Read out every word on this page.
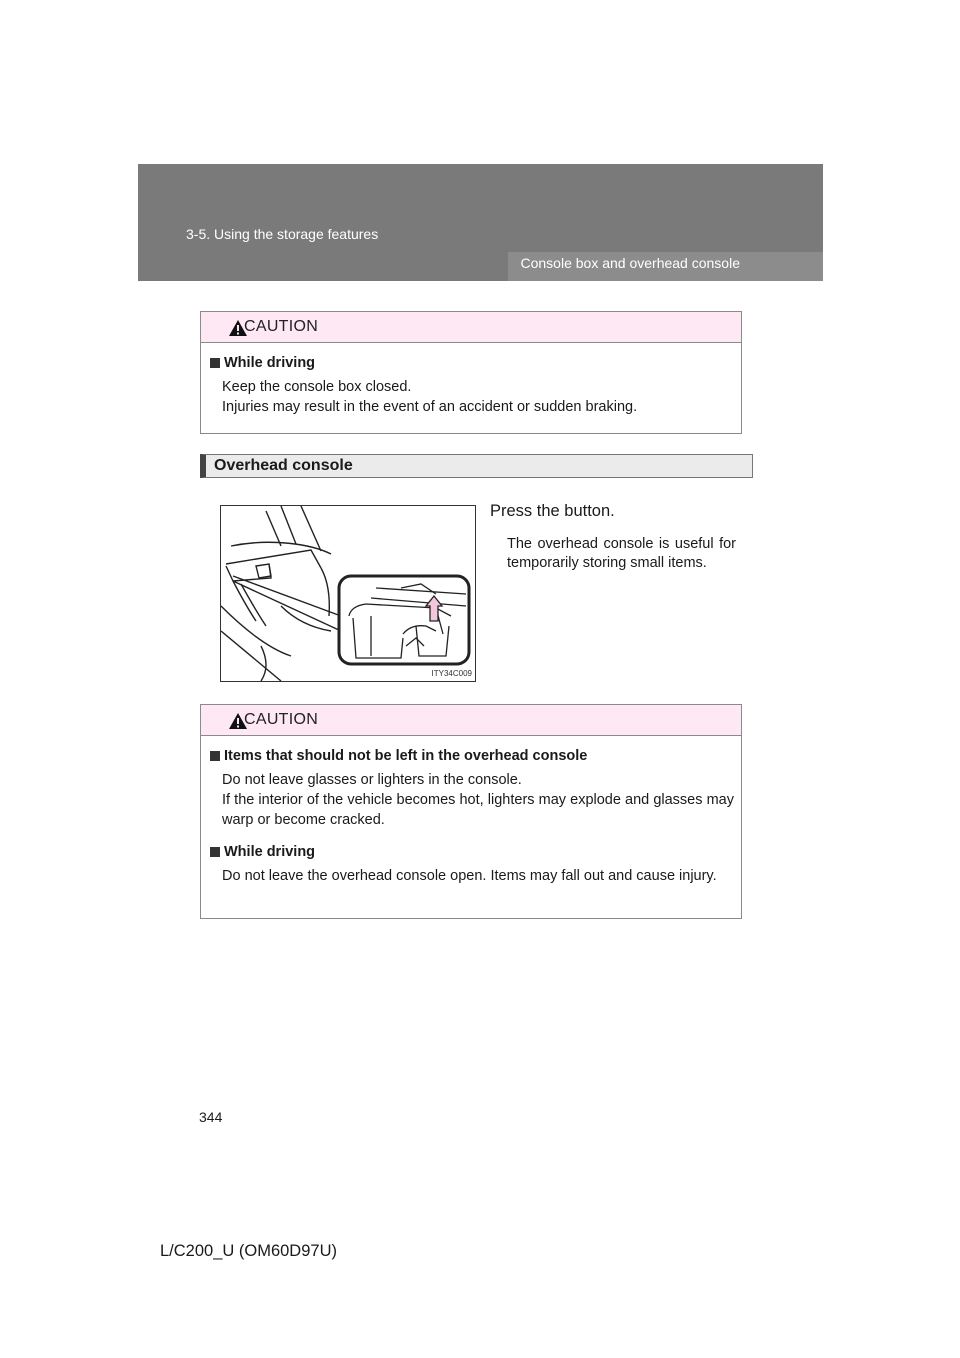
3-5. Using the storage features
Console box and overhead console
CAUTION
While driving

Keep the console box closed.

Injuries may result in the event of an accident or sudden braking.

Overhead console
ITY34C009
Press the button.
The overhead console is useful for temporarily storing small items.
CAUTION
Items that should not be left in the overhead console

Do not leave glasses or lighters in the console.

If the interior of the vehicle becomes hot, lighters may explode and glasses may warp or become cracked.

While driving

Do not leave the overhead console open. Items may fall out and cause injury.

344
L/C200_U (OM60D97U)
